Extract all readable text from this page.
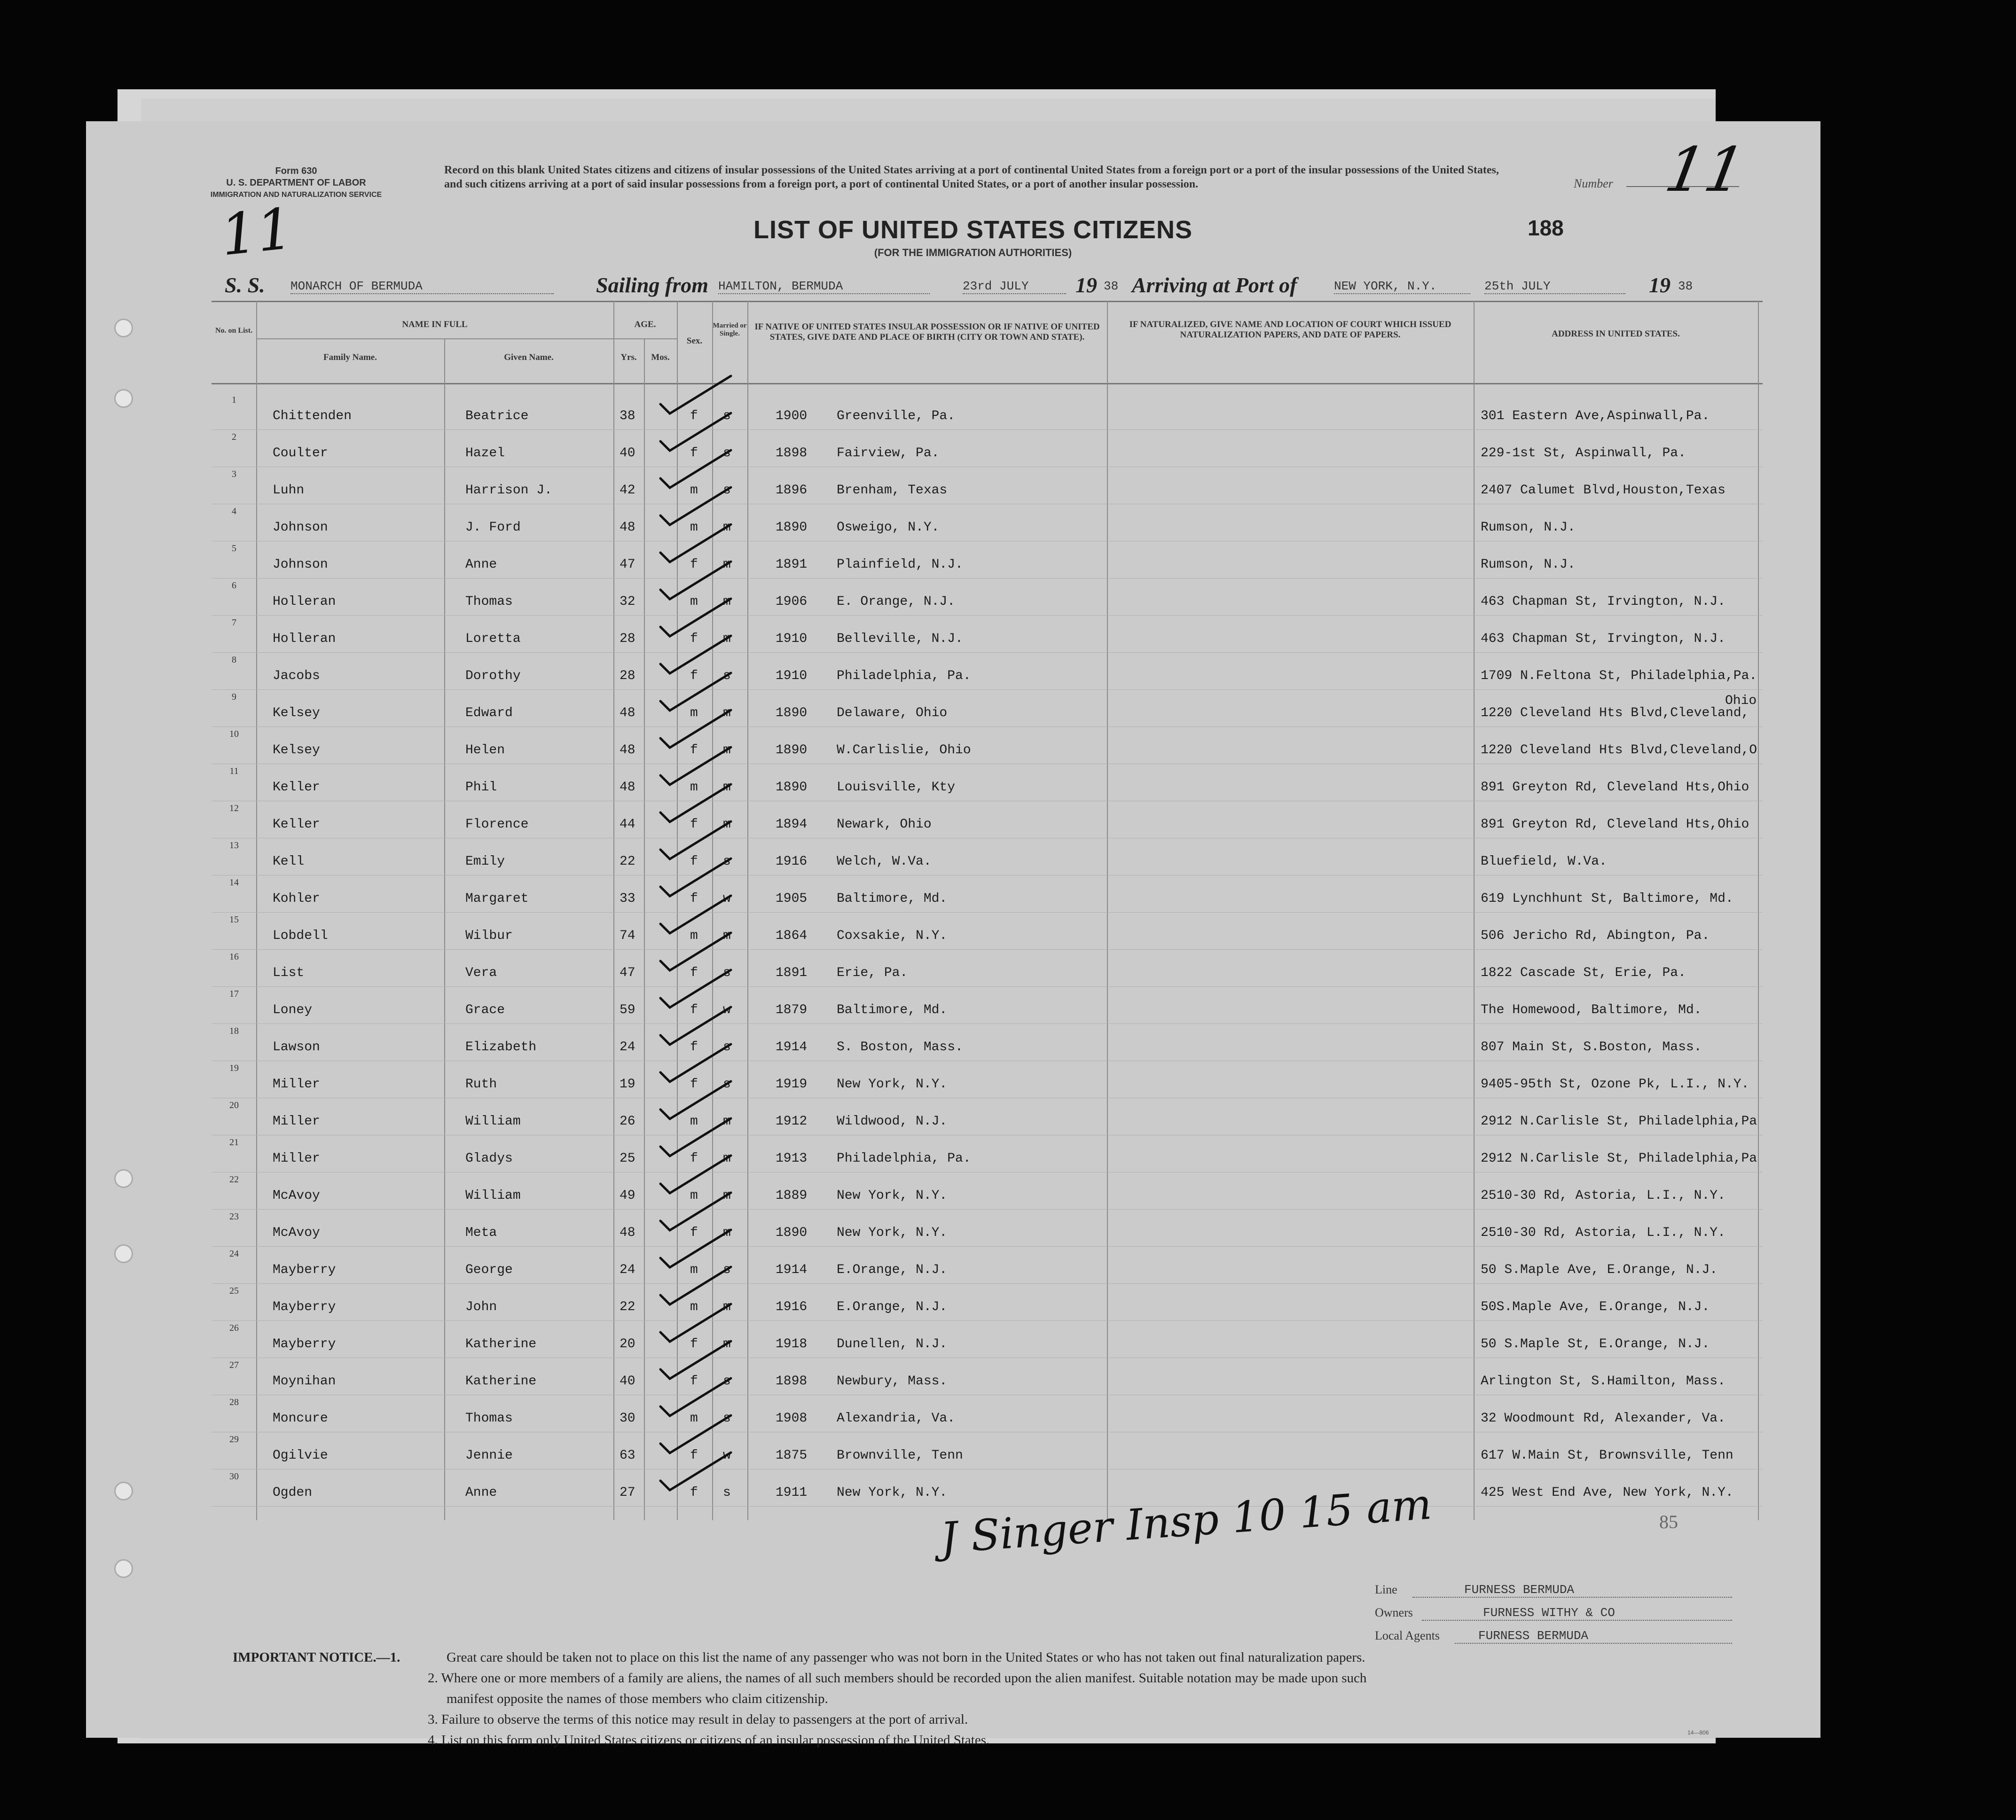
Form 630
U. S. DEPARTMENT OF LABOR
IMMIGRATION AND NATURALIZATION SERVICE
Record on this blank United States citizens and citizens of insular possessions of the United States arriving at a port of continental United States from a foreign port or a port of the insular possessions of the United States, and such citizens arriving at a port of said insular possessions from a foreign port, a port of continental United States, or a port of another insular possession.	Number 11
11	LIST OF UNITED STATES CITIZENS
(FOR THE IMMIGRATION AUTHORITIES)
188
S. S. MONARCH OF BERMUDA	Sailing from HAMILTON, BERMUDA	23rd JULY	19 38 Arriving at Port of	NEW YORK, N.Y.	25th JULY	19 38
No. on List.
NAME IN FULL
Family Name.	Given Name.
AGE.
Yrs.	Mos.
Sex.
Married or Single.
IF NATIVE OF UNITED STATES INSULAR POSSESSION OR IF NATIVE OF UNITED STATES, GIVE DATE AND PLACE OF BIRTH (CITY OR TOWN AND STATE).
IF NATURALIZED, GIVE NAME AND LOCATION OF COURT WHICH ISSUED NATURALIZATION PAPERS, AND DATE OF PAPERS.	ADDRESS IN UNITED STATES.
1
Chittenden	Beatrice	38	f s	1900 Greenville, Pa.	301 Eastern Ave,Aspinwall,Pa.
2
Coulter	Hazel	40	f s	1898 Fairview, Pa.	229-1st St, Aspinwall, Pa.
3
Luhn	Harrison J.	42	m s	1896 Brenham, Texas	2407 Calumet Blvd,Houston,Texas
4
Johnson	J. Ford	48	m m	1890 Osweigo, N.Y.	Rumson, N.J.
5
Johnson	Anne	47	f m	1891 Plainfield, N.J.	Rumson, N.J.
6
Holleran	Thomas	32	m m	1906 E. Orange, N.J.	463 Chapman St, Irvington, N.J.
7
Holleran	Loretta	28	f m	1910 Belleville, N.J.	463 Chapman St, Irvington, N.J.
8
Jacobs	Dorothy	28	f s	1910 Philadelphia, Pa.	1709 N.Feltona St, Philadelphia,Pa.
9
Kelsey	Edward	48	m m	1890 Delaware, Ohio	1220 Cleveland Hts Blvd,Cleveland,
Ohio
10
Kelsey	Helen	48	f m	1890 W.Carlislie, Ohio	1220 Cleveland Hts Blvd,Cleveland,O
11
Keller	Phil	48	m m	1890 Louisville, Kty	891 Greyton Rd, Cleveland Hts,Ohio
12
Keller	Florence	44	f m	1894 Newark, Ohio	891 Greyton Rd, Cleveland Hts,Ohio
13
Kell	Emily	22	f s	1916 Welch, W.Va.	Bluefield, W.Va.
14
Kohler	Margaret	33	f w	1905 Baltimore, Md.	619 Lynchhunt St, Baltimore, Md.
15
Lobdell	Wilbur	74	m m	1864 Coxsakie, N.Y.	506 Jericho Rd, Abington, Pa.
16
List	Vera	47	f s	1891 Erie, Pa.	1822 Cascade St, Erie, Pa.
17
Loney	Grace	59	f w	1879 Baltimore, Md.	The Homewood, Baltimore, Md.
18
Lawson	Elizabeth	24	f s	1914 S. Boston, Mass.	807 Main St, S.Boston, Mass.
19
Miller	Ruth	19	f s	1919 New York, N.Y.	9405-95th St, Ozone Pk, L.I., N.Y.
20
Miller	William	26	m m	1912 Wildwood, N.J.	2912 N.Carlisle St, Philadelphia,Pa
21
Miller	Gladys	25	f m	1913 Philadelphia, Pa.	2912 N.Carlisle St, Philadelphia,Pa
22
McAvoy	William	49	m m	1889 New York, N.Y.	2510-30 Rd, Astoria, L.I., N.Y.
23
McAvoy	Meta	48	f m	1890 New York, N.Y.	2510-30 Rd, Astoria, L.I., N.Y.
24
Mayberry	George	24	m s	1914 E.Orange, N.J.	50 S.Maple Ave, E.Orange, N.J.
25
Mayberry	John	22	m m	1916 E.Orange, N.J.	50S.Maple Ave, E.Orange, N.J.
26
Mayberry	Katherine	20	f m	1918 Dunellen, N.J.	50 S.Maple St, E.Orange, N.J.
27
Moynihan	Katherine	40	f s	1898 Newbury, Mass.	Arlington St, S.Hamilton, Mass.
28
Moncure	Thomas	30	m s	1908 Alexandria, Va.	32 Woodmount Rd, Alexander, Va.
29
Ogilvie	Jennie	63	f w	1875 Brownville, Tenn	617 W.Main St, Brownsville, Tenn
30
Ogden	Anne	27	f s	1911 New York, N.Y.	425 West End Ave, New York, N.Y.
J Singer Insp 10 15 am	85
Line	FURNESS BERMUDA
Owners	FURNESS WITHY & CO
Local Agents	FURNESS BERMUDA
IMPORTANT NOTICE.—1.	Great care should be taken not to place on this list the name of any passenger who was not born in the United States or who has not taken out final naturalization papers.
2. Where one or more members of a family are aliens, the names of all such members should be recorded upon the alien manifest. Suitable notation may be made upon such
manifest opposite the names of those members who claim citizenship.
3. Failure to observe the terms of this notice may result in delay to passengers at the port of arrival.
4. List on this form only United States citizens or citizens of an insular possession of the United States.	14—806
